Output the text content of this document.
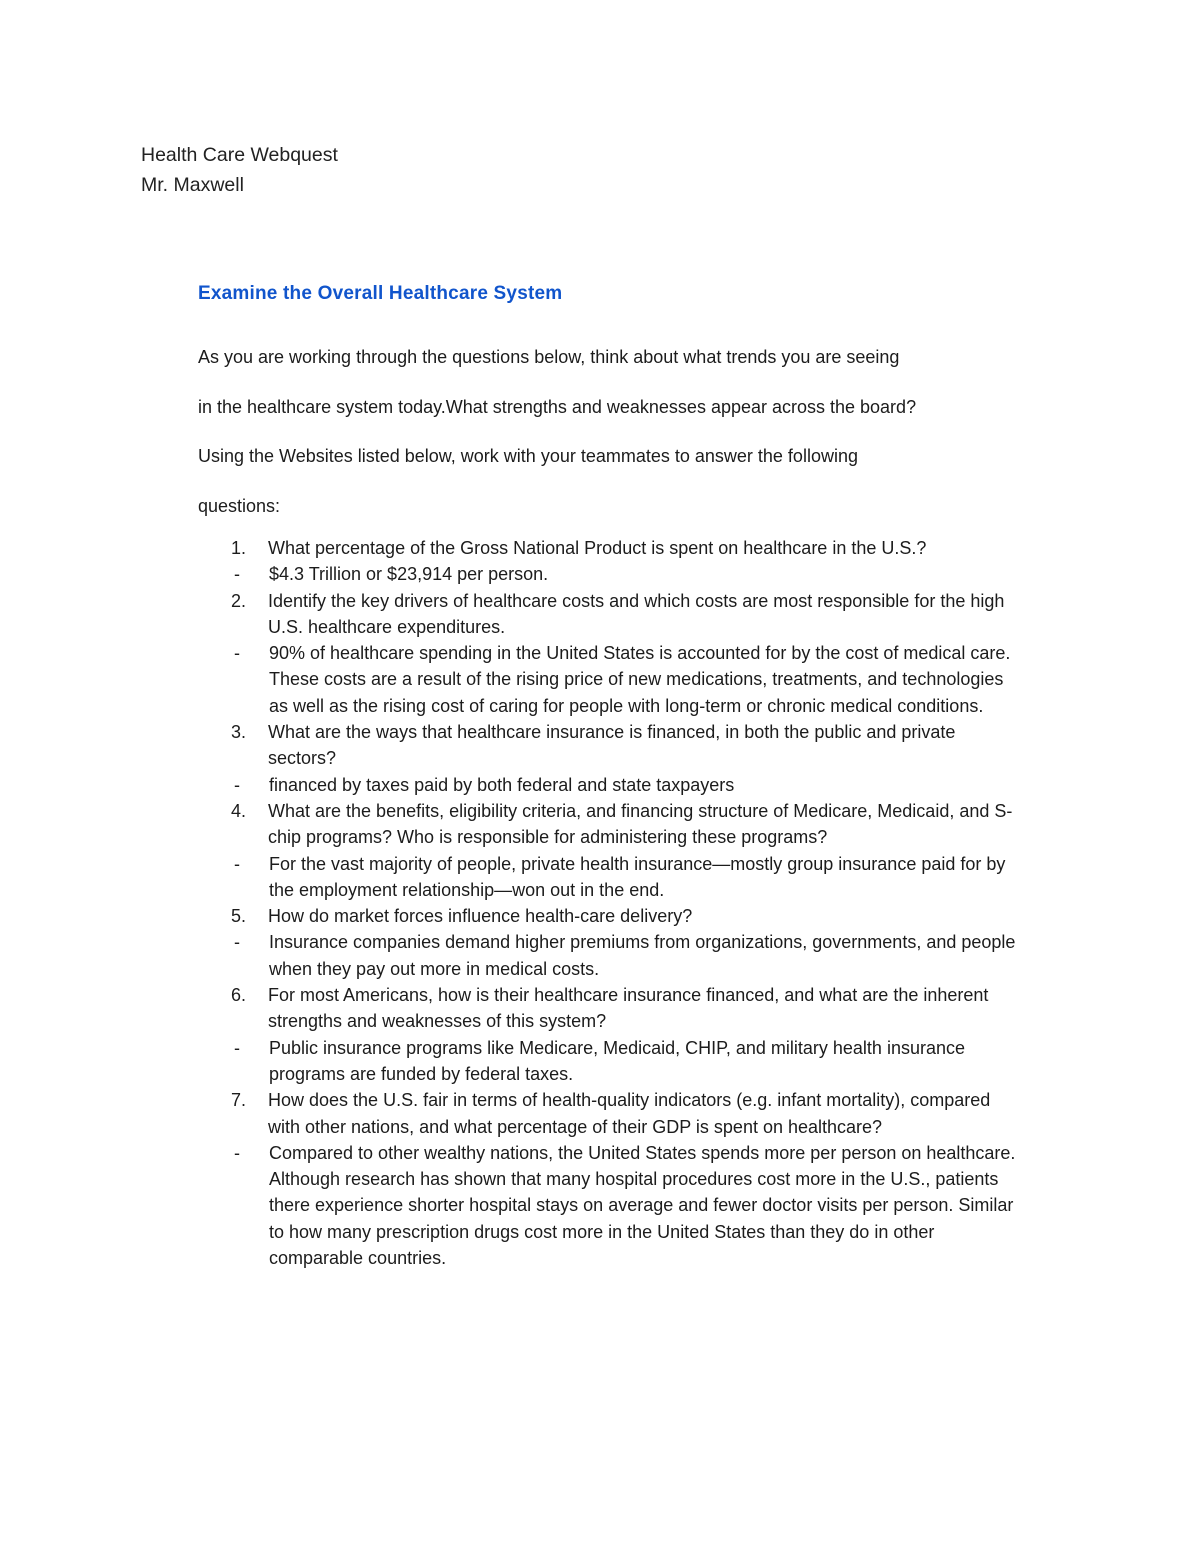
Health Care Webquest
Mr. Maxwell
Examine the Overall Healthcare System

As you are working through the questions below, think about what trends you are seeing

in the healthcare system today.What strengths and weaknesses appear across the board?

Using the Websites listed below, work with your teammates to answer the following

questions:

1. What percentage of the Gross National Product is spent on healthcare in the U.S.?
- $4.3 Trillion or $23,914 per person.
2. Identify the key drivers of healthcare costs and which costs are most responsible for the high U.S. healthcare expenditures.
- 90% of healthcare spending in the United States is accounted for by the cost of medical care. These costs are a result of the rising price of new medications, treatments, and technologies as well as the rising cost of caring for people with long-term or chronic medical conditions.
3. What are the ways that healthcare insurance is financed, in both the public and private sectors?
- financed by taxes paid by both federal and state taxpayers
4. What are the benefits, eligibility criteria, and financing structure of Medicare, Medicaid, and S-chip programs? Who is responsible for administering these programs?
- For the vast majority of people, private health insurance—mostly group insurance paid for by the employment relationship—won out in the end.
5. How do market forces influence health-care delivery?
- Insurance companies demand higher premiums from organizations, governments, and people when they pay out more in medical costs.
6. For most Americans, how is their healthcare insurance financed, and what are the inherent strengths and weaknesses of this system?
- Public insurance programs like Medicare, Medicaid, CHIP, and military health insurance programs are funded by federal taxes.
7. How does the U.S. fair in terms of health-quality indicators (e.g. infant mortality), compared with other nations, and what percentage of their GDP is spent on healthcare?
- Compared to other wealthy nations, the United States spends more per person on healthcare. Although research has shown that many hospital procedures cost more in the U.S., patients there experience shorter hospital stays on average and fewer doctor visits per person. Similar to how many prescription drugs cost more in the United States than they do in other comparable countries.
